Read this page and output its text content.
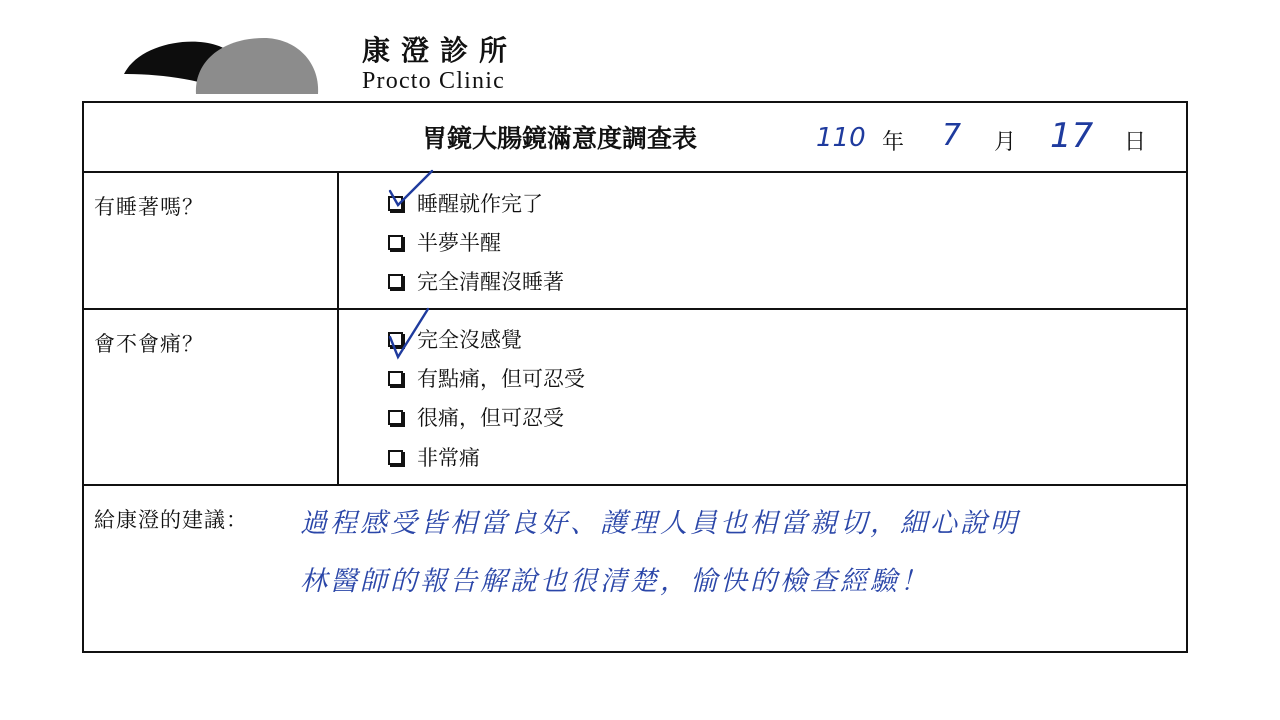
康澄診所
Procto Clinic
胃鏡大腸鏡滿意度調查表	110 年 7 月 17 日
有睡著嗎？	睡醒就作完了
半夢半醒
完全清醒沒睡著
會不會痛？	完全沒感覺
有點痛，但可忍受
很痛，但可忍受
非常痛
給康澄的建議： 過程感受皆相當良好、護理人員也相當親切，細心說明
林醫師的報告解說也很清楚，愉快的檢查經驗！
